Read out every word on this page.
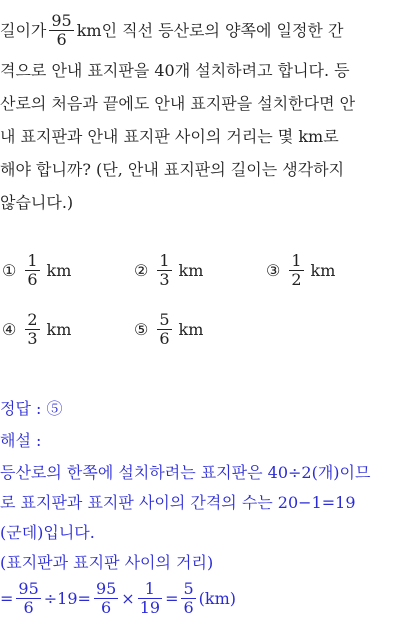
길이가 $\frac{95}{6}$ km인 직선 등산로의 양쪽에 일정한 간
격으로 안내 표지판을 40개 설치하려고 합니다. 등
산로의 처음과 끝에도 안내 표지판을 설치한다면 안
내 표지판과 안내 표지판 사이의 거리는 몇 km로
해야 합니까? (단, 안내 표지판의 길이는 생각하지
않습니다.)
① $\frac{1}{6}$ km	② $\frac{1}{3}$ km	③ $\frac{1}{2}$ km
④ $\frac{2}{3}$ km	⑤ $\frac{5}{6}$ km
정답 : ⑤
해설 :
등산로의 한쪽에 설치하려는 표지판은 40÷2(개)이므
로 표지판과 표지판 사이의 간격의 수는 20−1=19
(군데)입니다.
(표지판과 표지판 사이의 거리)
= $\frac{95}{6} \div 19= \frac{95}{6} \times \frac{1}{19} = \frac{5}{6} (km)$
